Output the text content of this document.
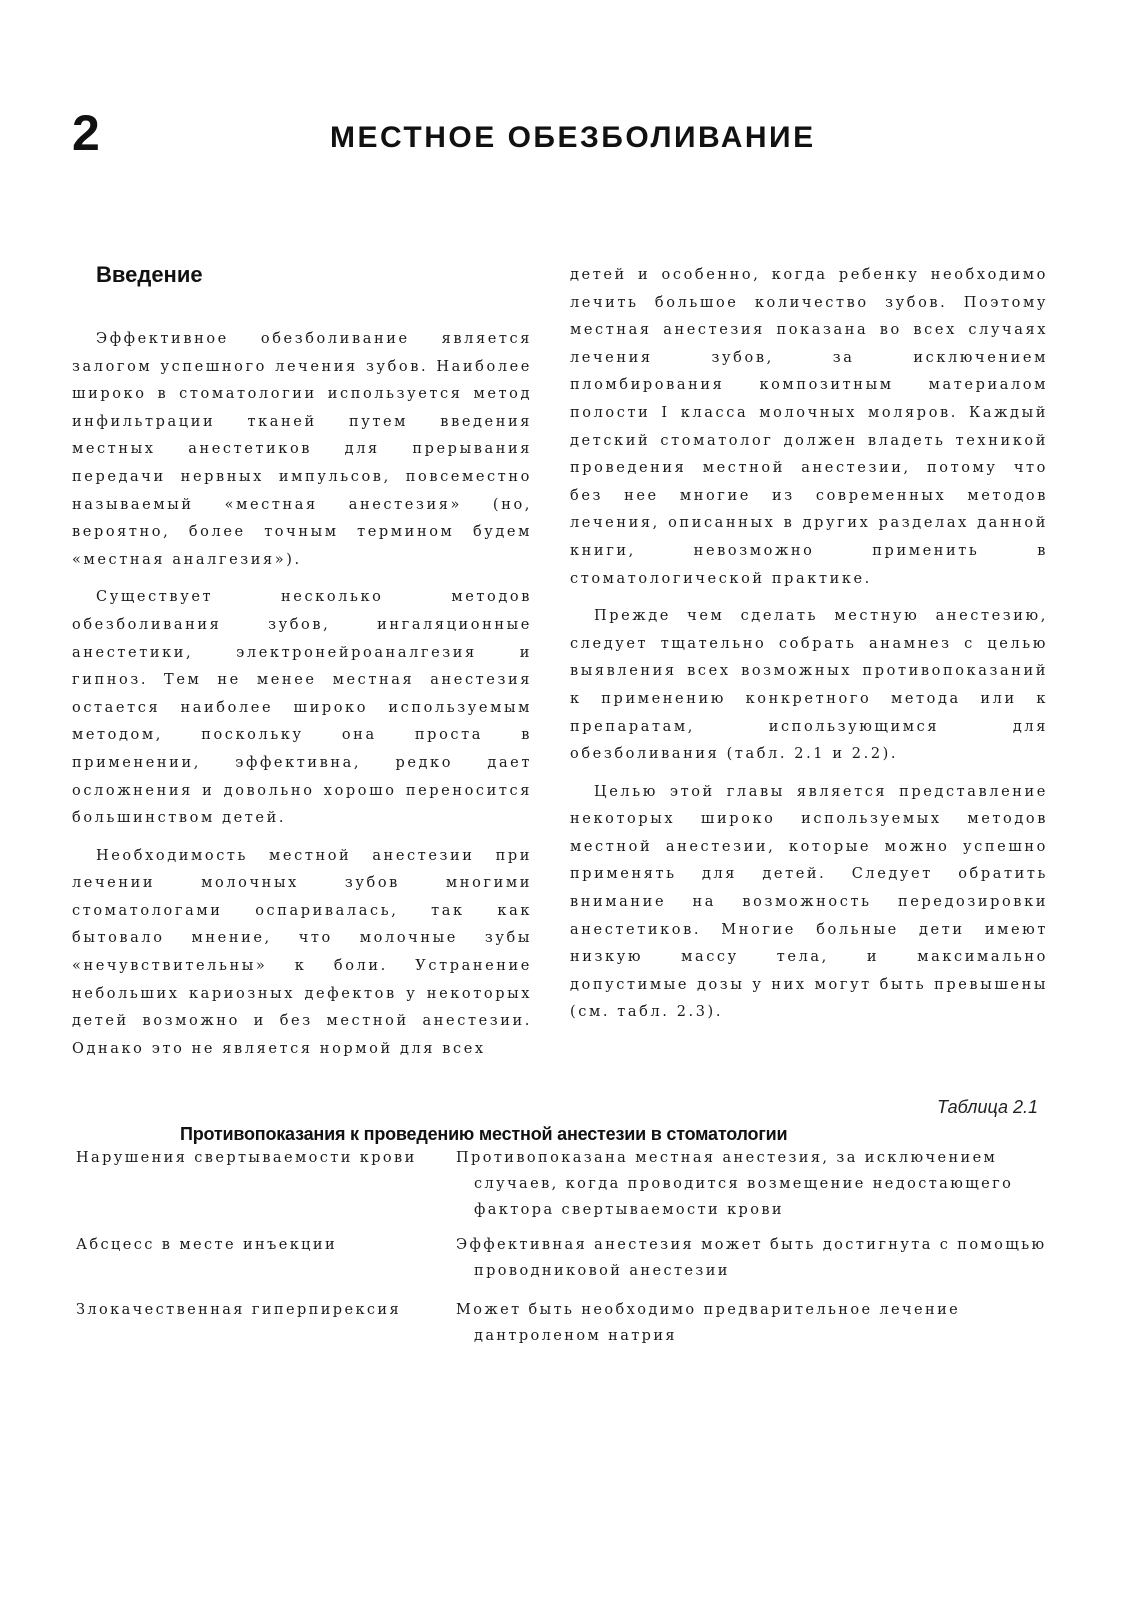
2	МЕСТНОЕ ОБЕЗБОЛИВАНИЕ
Введение

Эффективное обезболивание является залогом успешного лечения зубов. Наиболее широко в стоматологии используется метод инфильтрации тканей путем введения местных анестетиков для прерывания передачи нервных импульсов, повсеместно называемый «местная анестезия» (но, вероятно, более точным термином будем «местная аналгезия»).

Существует несколько методов обезболивания зубов, ингаляционные анестетики, электронейроаналгезия и гипноз. Тем не менее местная анестезия остается наиболее широко используемым методом, поскольку она проста в применении, эффективна, редко дает осложнения и довольно хорошо переносится большинством детей.

Необходимость местной анестезии при лечении молочных зубов многими стоматологами оспаривалась, так как бытовало мнение, что молочные зубы «нечувствительны» к боли. Устранение небольших кариозных дефектов у некоторых детей возможно и без местной анестезии. Однако это не является нормой для всех

детей и особенно, когда ребенку необходимо лечить большое количество зубов. Поэтому местная анестезия показана во всех случаях лечения зубов, за исключением пломбирования композитным материалом полости I класса молочных моляров. Каждый детский стоматолог должен владеть техникой проведения местной анестезии, потому что без нее многие из современных методов лечения, описанных в других разделах данной книги, невозможно применить в стоматологической практике.

Прежде чем сделать местную анестезию, следует тщательно собрать анамнез с целью выявления всех возможных противопоказаний к применению конкретного метода или к препаратам, использующимся для обезболивания (табл. 2.1 и 2.2).

Целью этой главы является представление некоторых широко используемых методов местной анестезии, которые можно успешно применять для детей. Следует обратить внимание на возможность передозировки анестетиков. Многие больные дети имеют низкую массу тела, и максимально допустимые дозы у них могут быть превышены (см. табл. 2.3).

Таблица 2.1
Противопоказания к проведению местной анестезии в стоматологии
Нарушения свертываемости крови	Противопоказана местная анестезия, за исключением случаев, когда проводится возмещение недостающего фактора свертываемости крови
Абсцесс в месте инъекции	Эффективная анестезия может быть достигнута с помощью проводниковой анестезии
Злокачественная гиперпирексия	Может быть необходимо предварительное лечение дантроленом натрия
